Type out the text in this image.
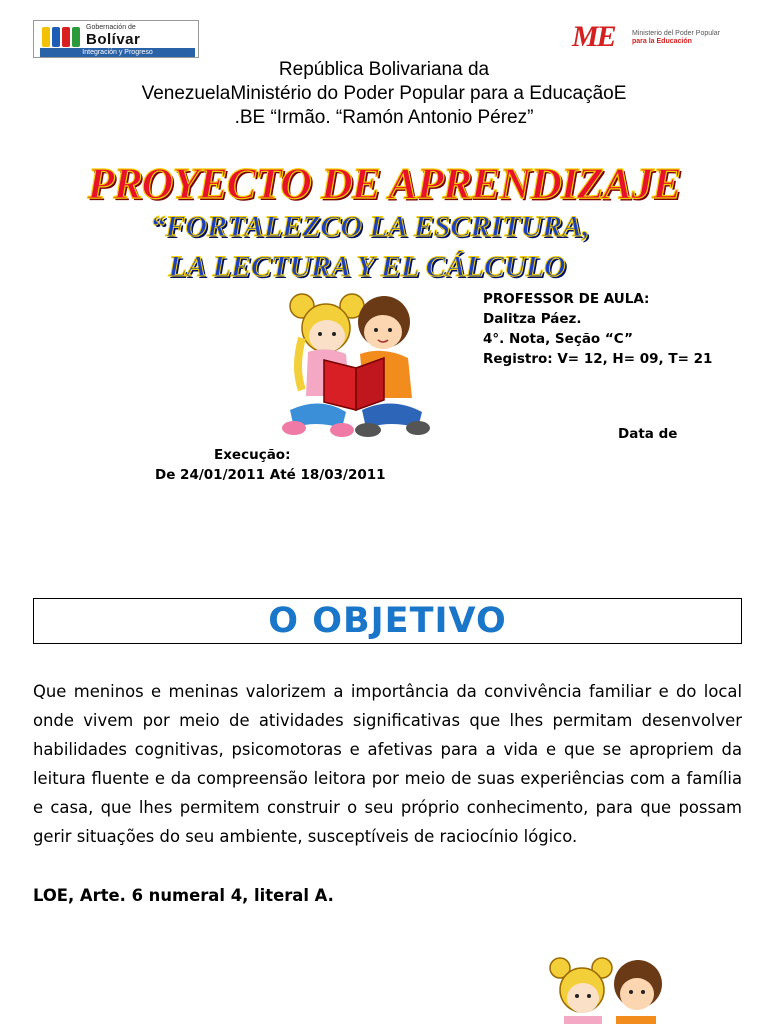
Gobernación de
Bolívar
Integración y Progreso	ME Ministerio del Poder Popular
para la Educación
República Bolivariana da
VenezuelaMinistério do Poder Popular para a EducaçãoE
.BE “Irmão. “Ramón Antonio Pérez”
PROYECTO DE APRENDIZAJE
“FORTALEZCO LA ESCRITURA,
LA LECTURA Y EL CÁLCULO
PROFESSOR DE AULA:
Dalitza Páez.
4°. Nota, Seção “C”
Registro: V= 12, H= 09, T= 21
Data de
Execução:
De 24/01/2011 Até 18/03/2011
O OBJETIVO
Que meninos e meninas valorizem a importância da convivência familiar e do local onde vivem por meio de atividades significativas que lhes permitam desenvolver habilidades cognitivas, psicomotoras e afetivas para a vida e que se apropriem da leitura fluente e da compreensão leitora por meio de suas experiências com a família e casa, que lhes permitem construir o seu próprio conhecimento, para que possam gerir situações do seu ambiente, susceptíveis de raciocínio lógico.
LOE, Arte. 6 numeral 4, literal A.
